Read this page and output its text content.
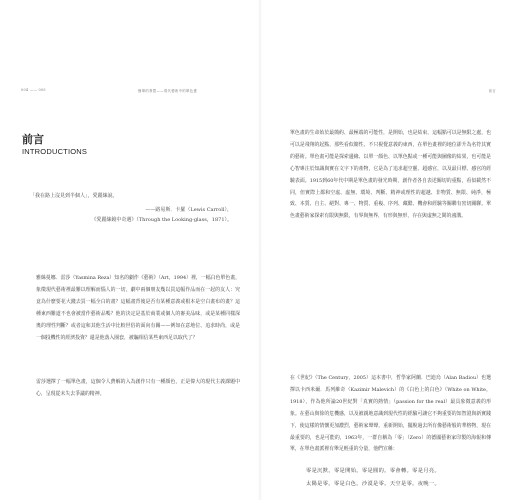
004 —— 005	簡單的責罰——現代藝術中的單色畫
前言
INTRODUCTIONS
「我在路上沒見到半個人」，愛麗絲說。
——路易斯．卡羅（Lewis Carroll），
《愛麗絲鏡中奇遇》（Through the Looking-glass，1871）。

雅絲曼娜．雷莎（Yasmina Reza）知名的劇作《藝術》（Art，1994）裡，一幅白色單色畫，象徵現代藝術裡最難以理解而惱人的一切，劇中兩個朋友幾以買這幅作品而在一起的友人：究竟為什麼要花大錢去買一幅全白的畫？這幅畫背後是否有某種意義或根本是空白畫布的畫？這種東西難道不也會被當作藝術品嗎？他的決定是基於商業或個人的審美品味，或是某種同樣深奧的理性判斷？或者這和其他生活中比較世俗的面向有關——例如在意地位、追求時尚，或是一個投機性的經濟投資？還是他落入圈套，被騙相信某些東西足以取代了？

雷莎選擇了一幅單色畫，這個令人費解的入為創作只有一種顏色，正是偉大的現代主義課題中心，呈現從未失去爭議的精神。

前言

單色畫的生命始於最簡約、最極端的可能性，是開始，也是結束，這幅點可以是無限之處，也可以是飛翔的起點，那些看似簡性、不只視覺意義的東西，在單色畫裡的地位卻升為名符其實的藝術。單色畫可能是探索邊緣、以單一顏色、以單色點或一種可能與圖像的結果，也可能是心智專注於知識與實在文字下的產物，它是為了追求超空靈、超感官，以及最目標、感官的經驗表面。1915到60年代中期是單色畫的發光時期，創作者各自表述關切的重點，看似載然不同，但實際上都和空虛、虛無、環境、判斷、精神或理性的超越、非物質、無限、純淨，極致、本質、自主、絕對、專一、物質、重複、序列、藏酷、機會和經驗等關聯有密切關聯。單色畫藝術家探索有限與無限，有界與無界，有形與無形，存在與虛無之間的鴻溝。

在《世紀》（The Century，2005）這本書中，哲學家阿蘭．巴迪烏（Alan Badiou）也選擇以卡西米爾．馬列維奇（Kazimir Malevich）的《白色上的白色》（White on White，1918），作為他所論20世紀對「真實的熱情」（passion for the real）最具象徵意義的形象。在藝山與徐的危機感，以及被親地意識到現代性的經驗可讓它不夠重要的知智證與新實踐下，使這樣的情懷更加濃烈，藝術家聲聲，重新開始，擺脫過去所有像藝術般的華格物，現在最重要的，也是可能的，1963年，一群自稱為「零」（Zero）的德國藝術家印製的海報和傳單，在單色畫派裡有舉足輕重的分量，他們宣稱：

零是沉默。零是開始。零是圓的。零會轉。零是月亮。

太陽是零。零是白色。沙漠是零。天空是零。夜晚一。
